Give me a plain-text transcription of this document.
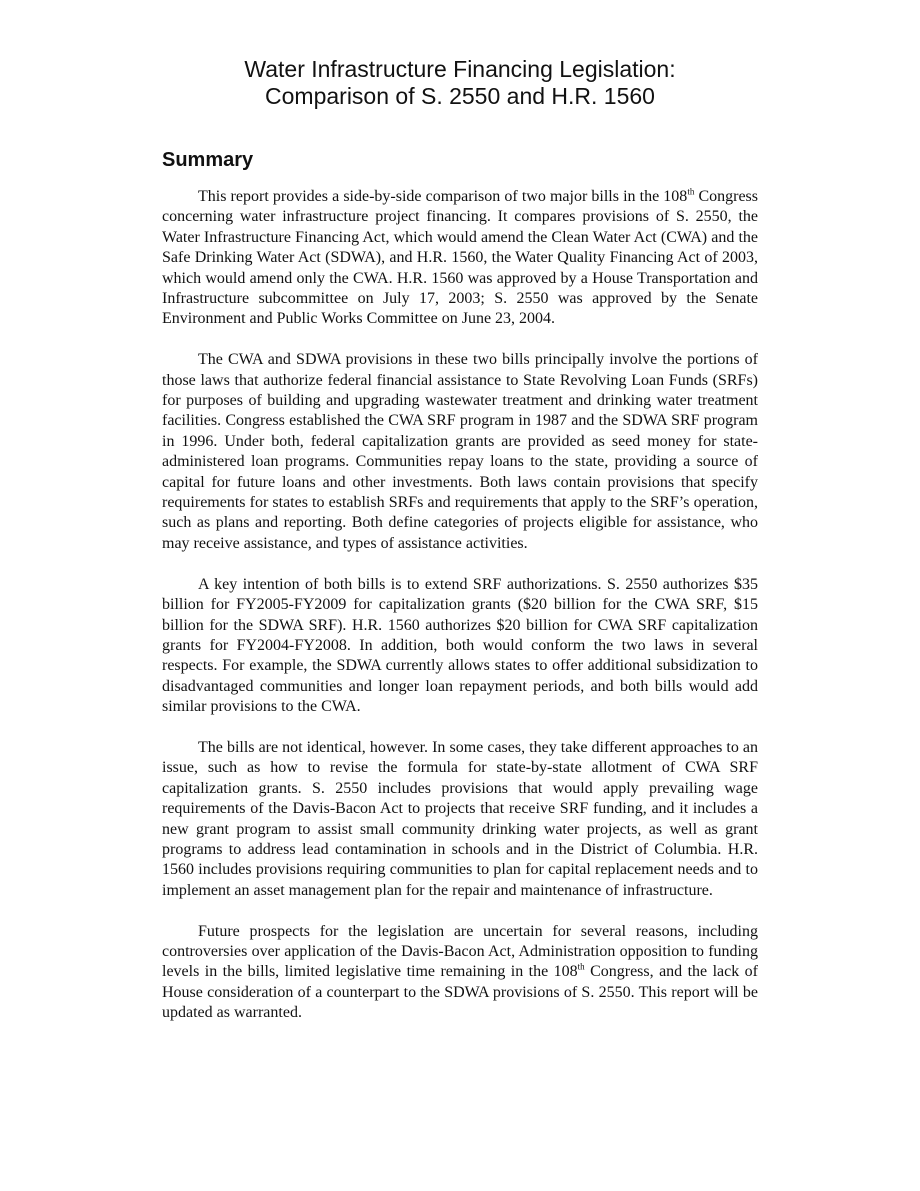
Water Infrastructure Financing Legislation:
Comparison of S. 2550 and H.R. 1560
Summary

This report provides a side-by-side comparison of two major bills in the 108th Congress concerning water infrastructure project financing. It compares provisions of S. 2550, the Water Infrastructure Financing Act, which would amend the Clean Water Act (CWA) and the Safe Drinking Water Act (SDWA), and H.R. 1560, the Water Quality Financing Act of 2003, which would amend only the CWA. H.R. 1560 was approved by a House Transportation and Infrastructure subcommittee on July 17, 2003; S. 2550 was approved by the Senate Environment and Public Works Committee on June 23, 2004.

The CWA and SDWA provisions in these two bills principally involve the portions of those laws that authorize federal financial assistance to State Revolving Loan Funds (SRFs) for purposes of building and upgrading wastewater treatment and drinking water treatment facilities. Congress established the CWA SRF program in 1987 and the SDWA SRF program in 1996. Under both, federal capitalization grants are provided as seed money for state-administered loan programs. Communities repay loans to the state, providing a source of capital for future loans and other investments. Both laws contain provisions that specify requirements for states to establish SRFs and requirements that apply to the SRF’s operation, such as plans and reporting. Both define categories of projects eligible for assistance, who may receive assistance, and types of assistance activities.

A key intention of both bills is to extend SRF authorizations. S. 2550 authorizes $35 billion for FY2005-FY2009 for capitalization grants ($20 billion for the CWA SRF, $15 billion for the SDWA SRF). H.R. 1560 authorizes $20 billion for CWA SRF capitalization grants for FY2004-FY2008. In addition, both would conform the two laws in several respects. For example, the SDWA currently allows states to offer additional subsidization to disadvantaged communities and longer loan repayment periods, and both bills would add similar provisions to the CWA.

The bills are not identical, however. In some cases, they take different approaches to an issue, such as how to revise the formula for state-by-state allotment of CWA SRF capitalization grants. S. 2550 includes provisions that would apply prevailing wage requirements of the Davis-Bacon Act to projects that receive SRF funding, and it includes a new grant program to assist small community drinking water projects, as well as grant programs to address lead contamination in schools and in the District of Columbia. H.R. 1560 includes provisions requiring communities to plan for capital replacement needs and to implement an asset management plan for the repair and maintenance of infrastructure.

Future prospects for the legislation are uncertain for several reasons, including controversies over application of the Davis-Bacon Act, Administration opposition to funding levels in the bills, limited legislative time remaining in the 108th Congress, and the lack of House consideration of a counterpart to the SDWA provisions of S. 2550. This report will be updated as warranted.
